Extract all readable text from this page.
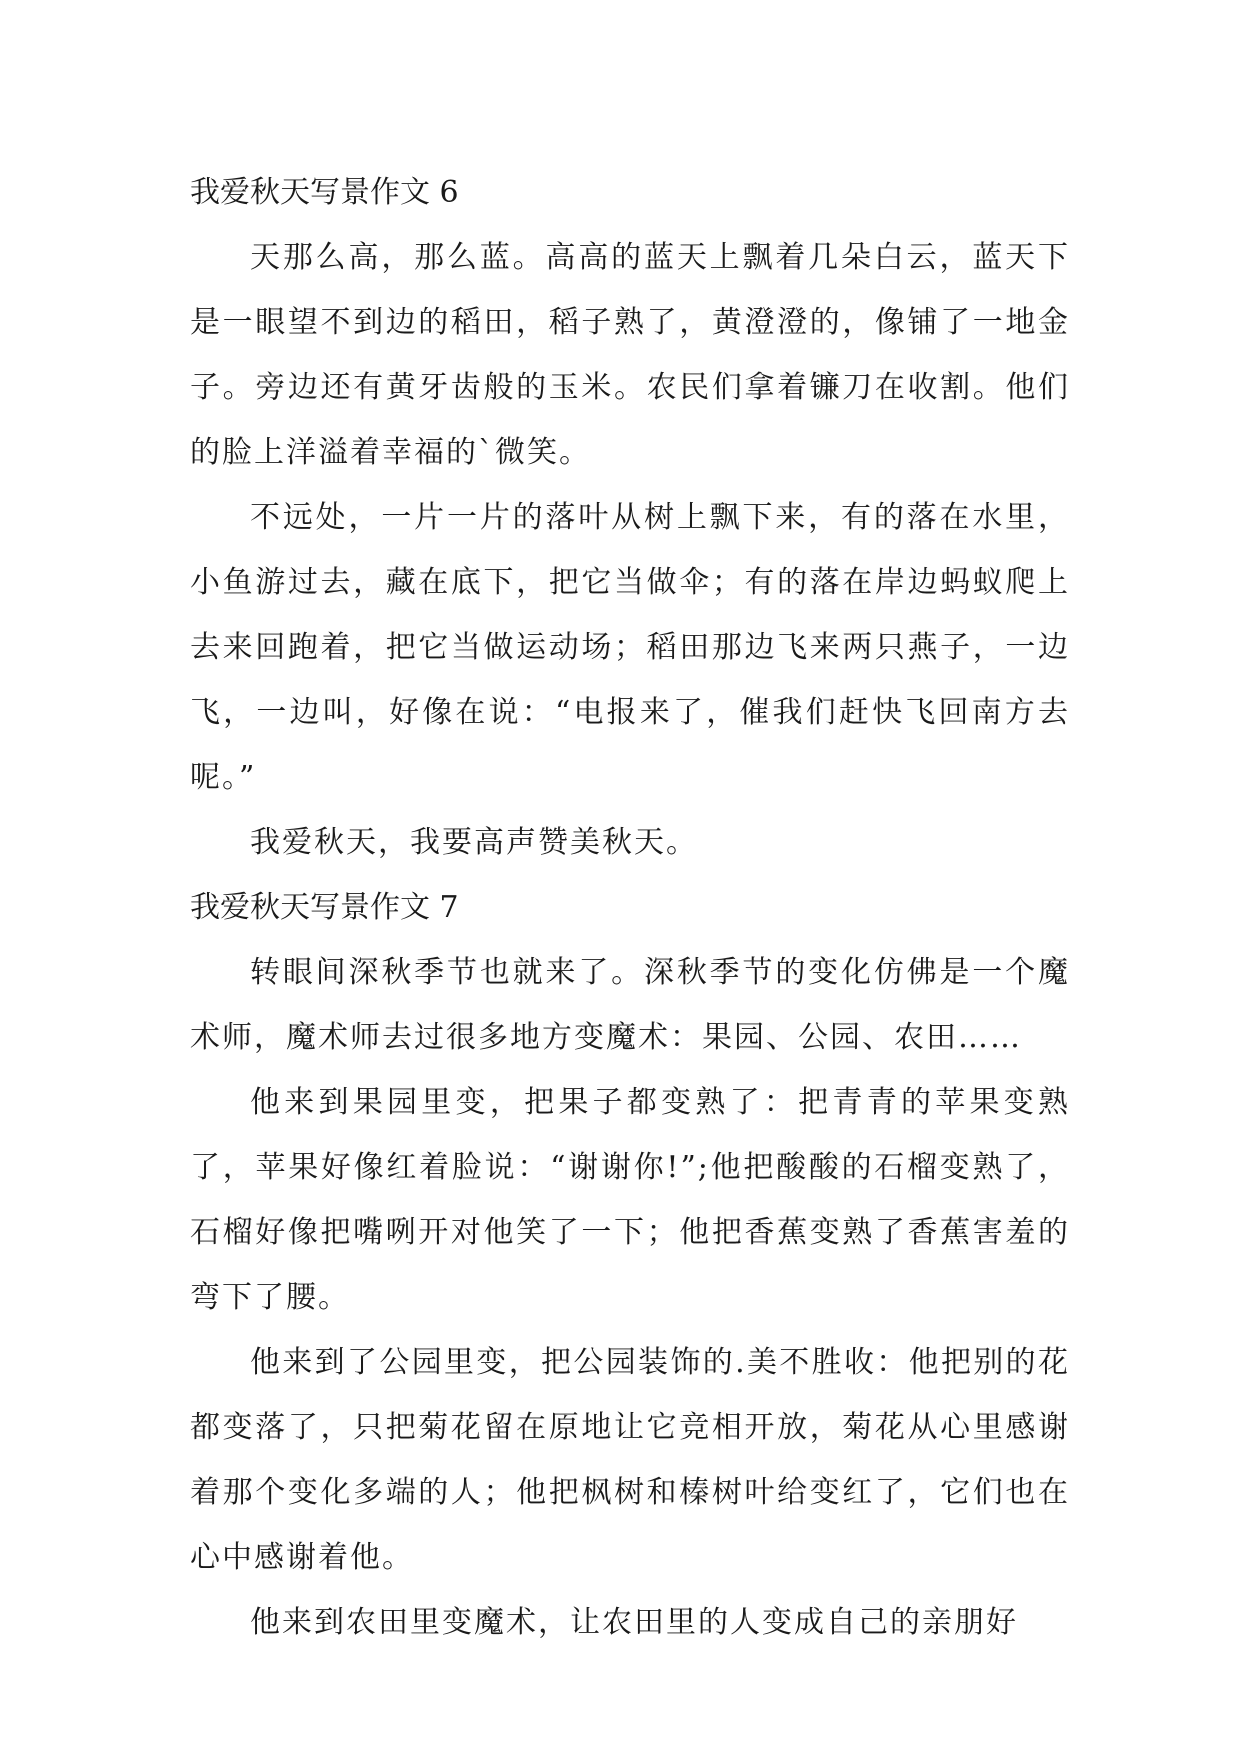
我爱秋天写景作文 6

天那么高，那么蓝。高高的蓝天上飘着几朵白云，蓝天下是一眼望不到边的稻田，稻子熟了，黄澄澄的，像铺了一地金子。旁边还有黄牙齿般的玉米。农民们拿着镰刀在收割。他们的脸上洋溢着幸福的`微笑。

不远处，一片一片的落叶从树上飘下来，有的落在水里，小鱼游过去，藏在底下，把它当做伞；有的落在岸边蚂蚁爬上去来回跑着，把它当做运动场；稻田那边飞来两只燕子，一边飞，一边叫，好像在说：“电报来了，催我们赶快飞回南方去呢。”

我爱秋天，我要高声赞美秋天。

我爱秋天写景作文 7

转眼间深秋季节也就来了。深秋季节的变化仿佛是一个魔术师，魔术师去过很多地方变魔术：果园、公园、农田……

他来到果园里变，把果子都变熟了：把青青的苹果变熟了，苹果好像红着脸说：“谢谢你!”;他把酸酸的石榴变熟了，石榴好像把嘴咧开对他笑了一下；他把香蕉变熟了香蕉害羞的弯下了腰。

他来到了公园里变，把公园装饰的.美不胜收：他把别的花都变落了，只把菊花留在原地让它竞相开放，菊花从心里感谢着那个变化多端的人；他把枫树和榛树叶给变红了，它们也在心中感谢着他。

他来到农田里变魔术，让农田里的人变成自己的亲朋好
